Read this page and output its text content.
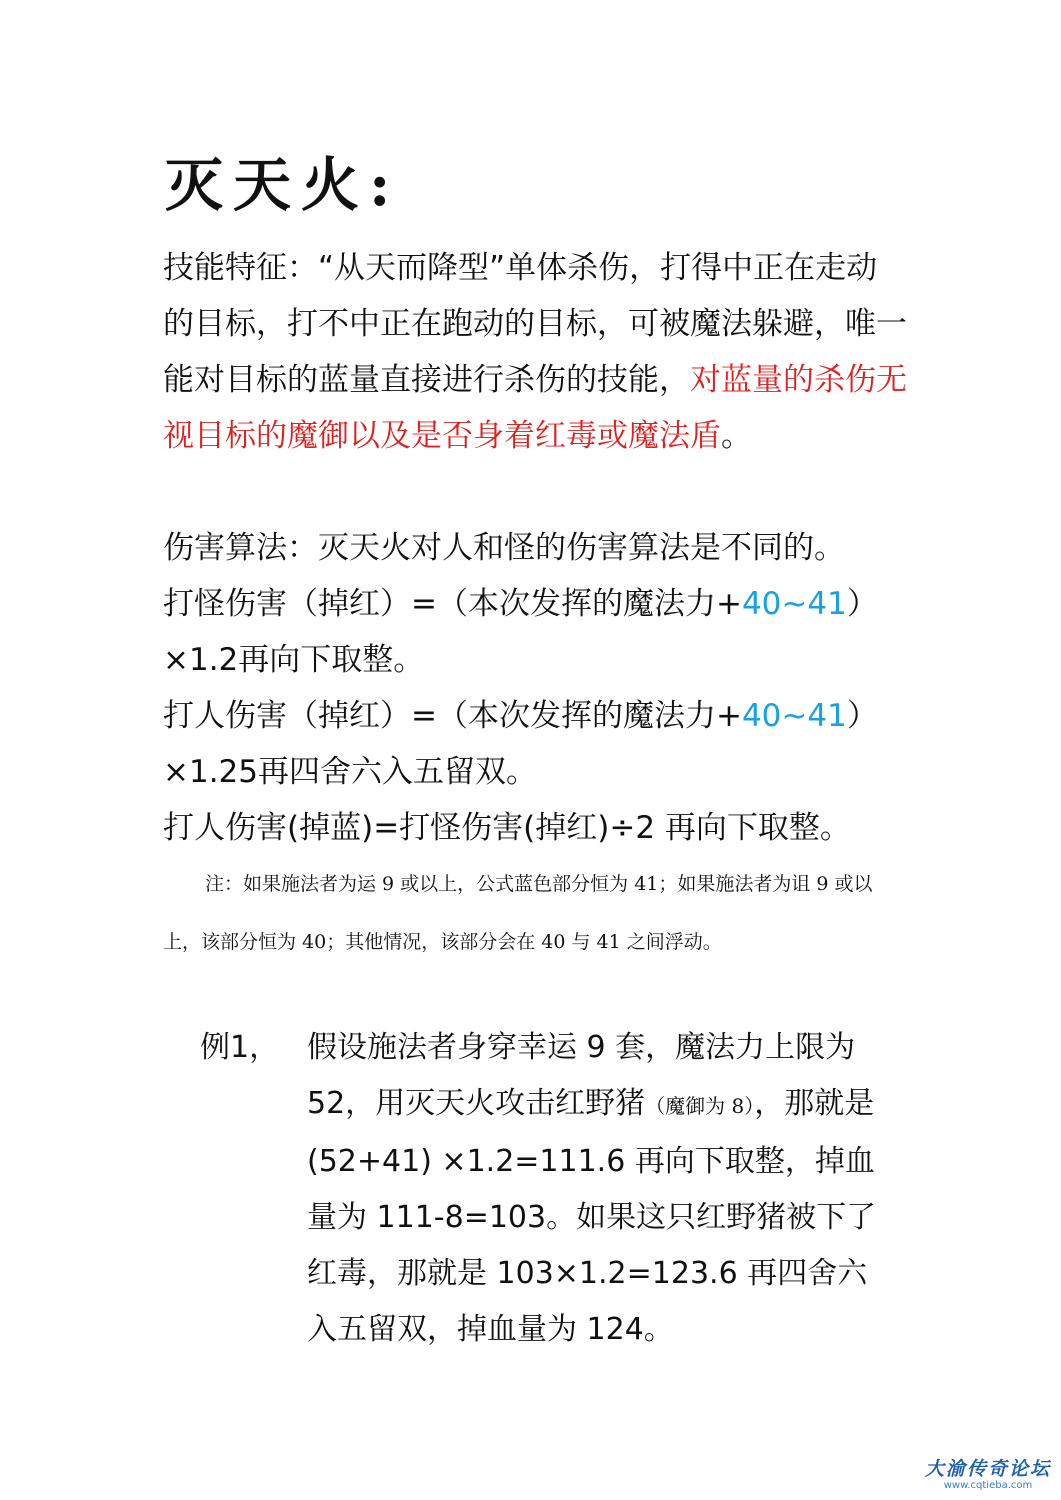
灭天火:
技能特征：“从天而降型”单体杀伤，打得中正在走动的目标，打不中正在跑动的目标，可被魔法躲避，唯一能对目标的蓝量直接进行杀伤的技能，对蓝量的杀伤无视目标的魔御以及是否身着红毒或魔法盾。

伤害算法：灭天火对人和怪的伤害算法是不同的。

打怪伤害（掉红）=（本次发挥的魔法力+40~41）×1.2再向下取整。

打人伤害（掉红）=（本次发挥的魔法力+40~41）×1.25再四舍六入五留双。

打人伤害(掉蓝)=打怪伤害(掉红)÷2 再向下取整。

注：如果施法者为运 9 或以上，公式蓝色部分恒为 41；如果施法者为诅 9 或以上，该部分恒为 40；其他情况，该部分会在 40 与 41 之间浮动。

例1， 假设施法者身穿幸运 9 套，魔法力上限为 52，用灭天火攻击红野猪（魔御为 8），那就是 (52+41) ×1.2=111.6 再向下取整，掉血量为 111-8=103。如果这只红野猪被下了红毒，那就是 103×1.2=123.6 再四舍六入五留双，掉血量为 124。

大渝传奇论坛
www.cqtieba.com
